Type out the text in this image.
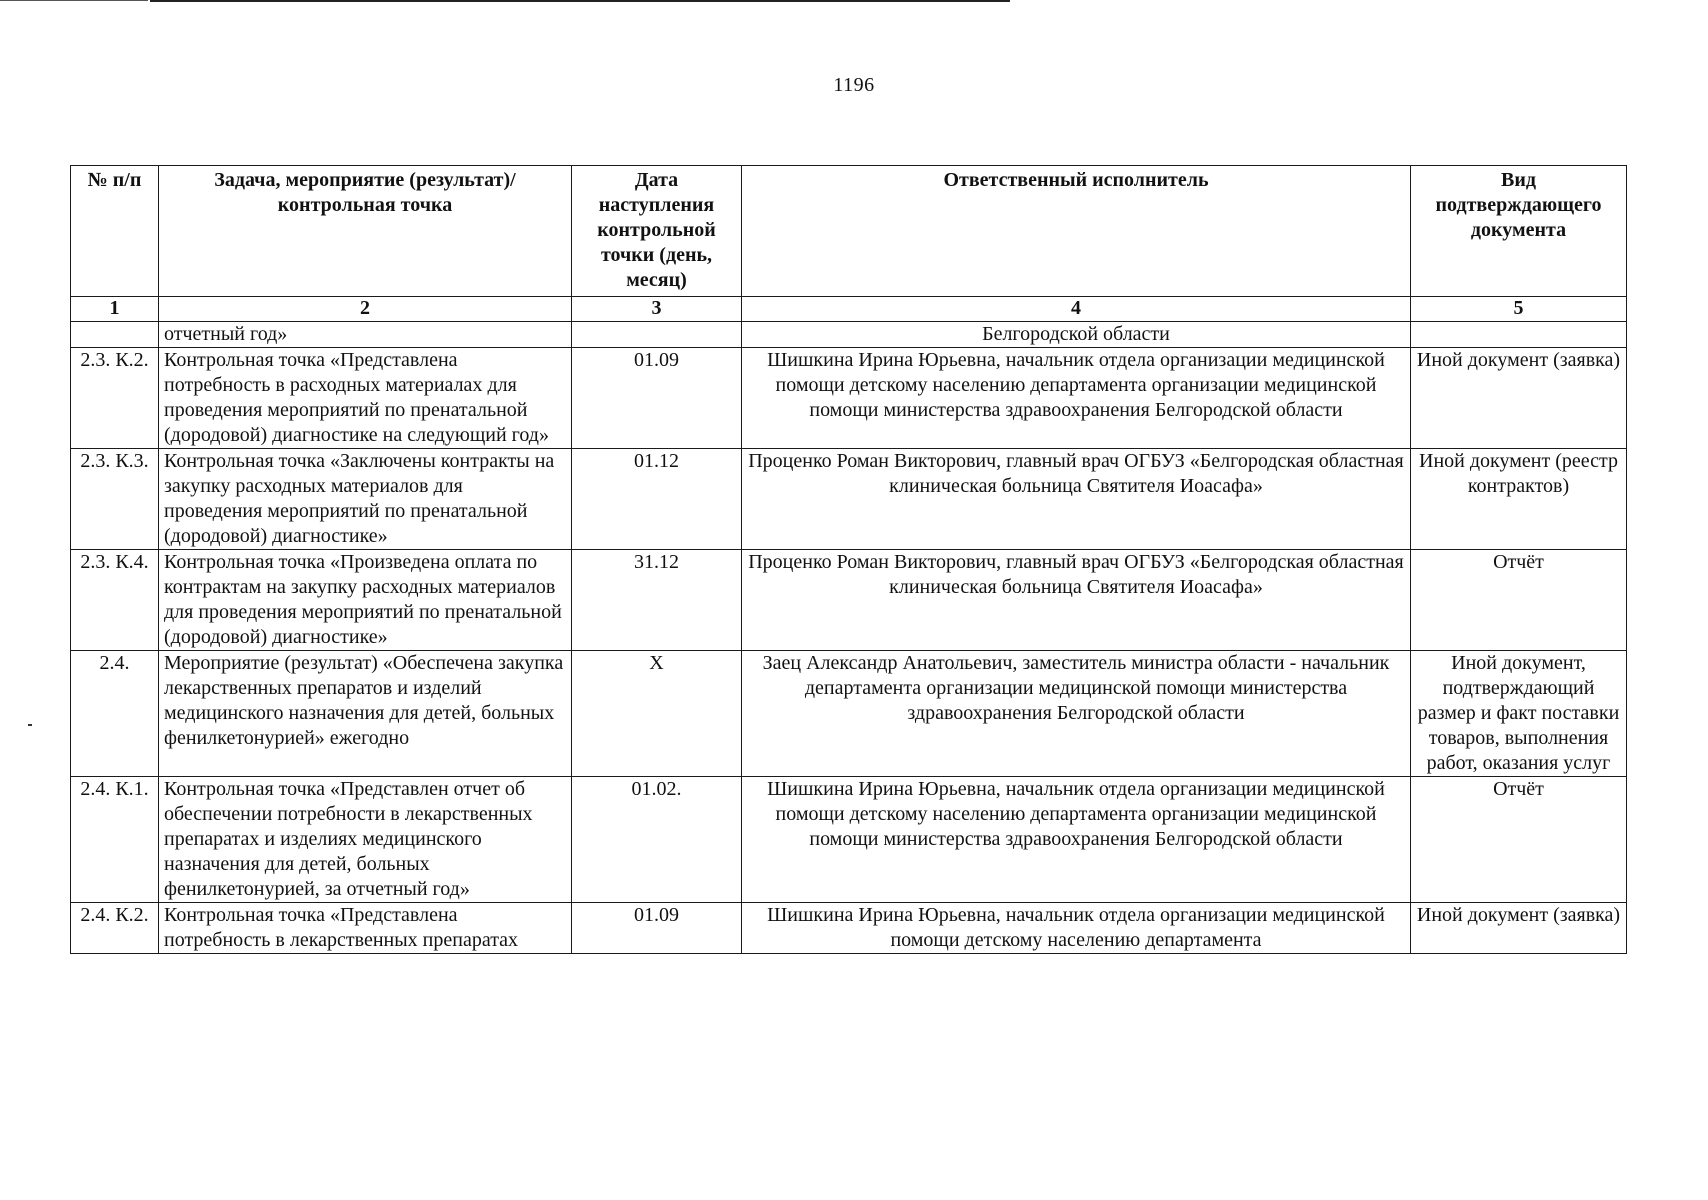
1196
№ п/п	Задача, мероприятие (результат)/ контрольная точка	Дата наступления контрольной точки (день, месяц)	Ответственный исполнитель	Вид подтверждающего документа
1	2	3	4	5
	отчетный год»		Белгородской области	
2.3. К.2.	Контрольная точка «Представлена потребность в расходных материалах для проведения мероприятий по пренатальной (дородовой) диагностике на следующий год»	01.09	Шишкина Ирина Юрьевна, начальник отдела организации медицинской помощи детскому населению департамента организации медицинской помощи министерства здравоохранения Белгородской области	Иной документ (заявка)
2.3. К.3.	Контрольная точка «Заключены контракты на закупку расходных материалов для проведения мероприятий по пренатальной (дородовой) диагностике»	01.12	Проценко Роман Викторович, главный врач ОГБУЗ «Белгородская областная клиническая больница Святителя Иоасафа»	Иной документ (реестр контрактов)
2.3. К.4.	Контрольная точка «Произведена оплата по контрактам на закупку расходных материалов для проведения мероприятий по пренатальной (дородовой) диагностике»	31.12	Проценко Роман Викторович, главный врач ОГБУЗ «Белгородская областная клиническая больница Святителя Иоасафа»	Отчёт
2.4.	Мероприятие (результат) «Обеспечена закупка лекарственных препаратов и изделий медицинского назначения для детей, больных фенилкетонурией» ежегодно	X	Заец Александр Анатольевич, заместитель министра области - начальник департамента организации медицинской помощи министерства здравоохранения Белгородской области	Иной документ, подтверждающий размер и факт поставки товаров, выполнения работ, оказания услуг
2.4. К.1.	Контрольная точка «Представлен отчет об обеспечении потребности в лекарственных препаратах и изделиях медицинского назначения для детей, больных фенилкетонурией, за отчетный год»	01.02.	Шишкина Ирина Юрьевна, начальник отдела организации медицинской помощи детскому населению департамента организации медицинской помощи министерства здравоохранения Белгородской области	Отчёт
2.4. К.2.	Контрольная точка «Представлена потребность в лекарственных препаратах	01.09	Шишкина Ирина Юрьевна, начальник отдела организации медицинской помощи детскому населению департамента	Иной документ (заявка)
